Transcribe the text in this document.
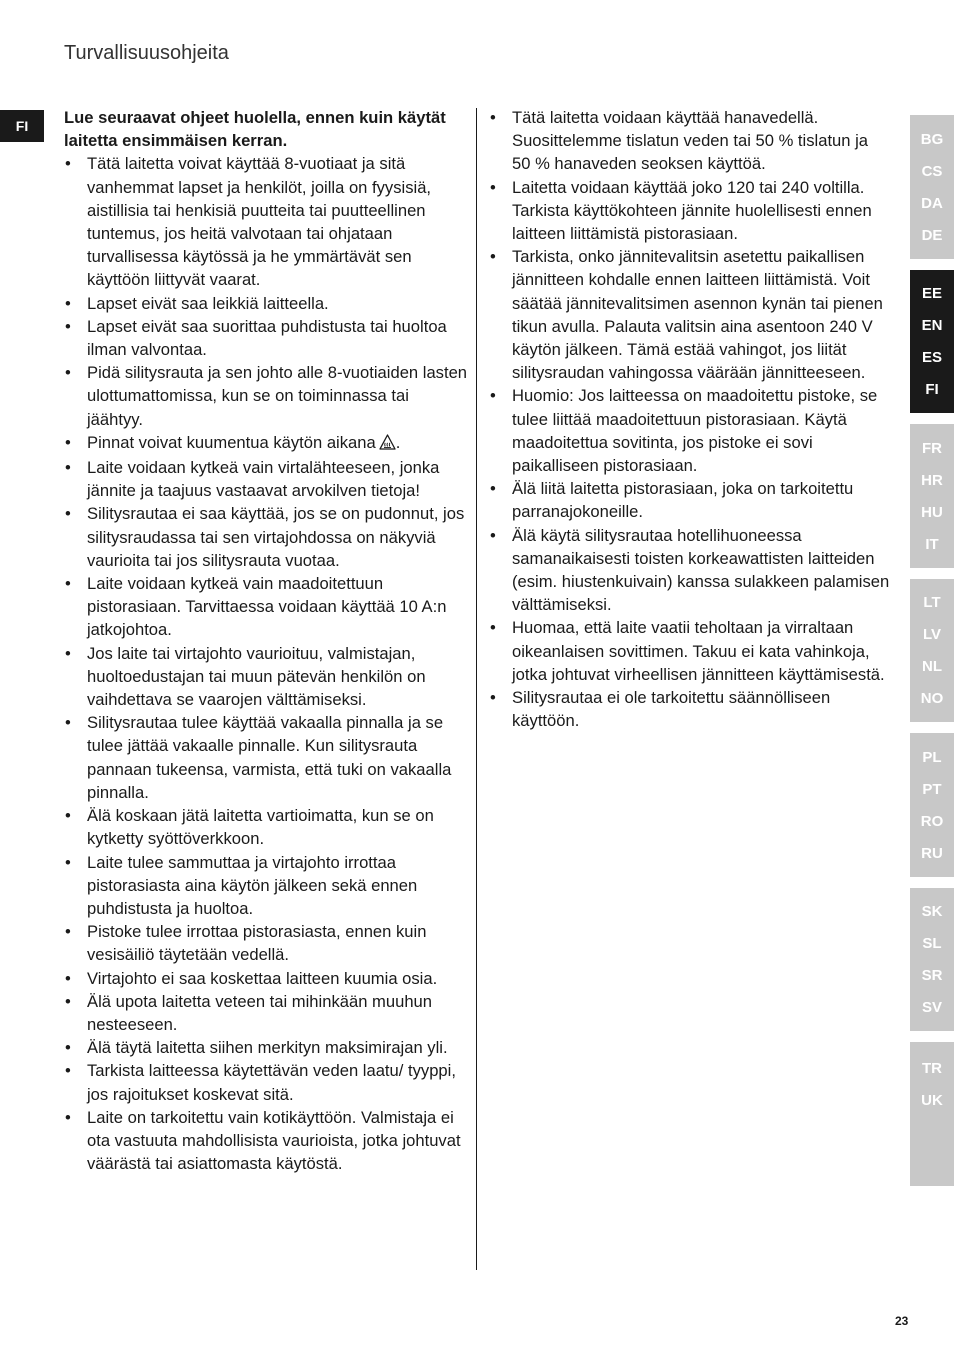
Turvallisuusohjeita
FI	Lue seuraavat ohjeet huolella, ennen kuin käytät laitetta ensimmäisen kerran.

• Tätä laitetta voivat käyttää 8-vuotiaat ja sitä vanhemmat lapset ja henkilöt, joilla on fyysisiä, aistillisia tai henkisiä puutteita tai puutteellinen tuntemus, jos heitä valvotaan tai ohjataan turvallisessa käytössä ja he ymmärtävät sen käyttöön liittyvät vaarat.
• Lapset eivät saa leikkiä laitteella.
• Lapset eivät saa suorittaa puhdistusta tai huoltoa ilman valvontaa.
• Pidä silitysrauta ja sen johto alle 8-vuotiaiden lasten ulottumattomissa, kun se on toiminnassa tai jäähtyy.
• Pinnat voivat kuumentua käytön aikana .
• Laite voidaan kytkeä vain virtalähteeseen, jonka jännite ja taajuus vastaavat arvokilven tietoja!
• Silitysrautaa ei saa käyttää, jos se on pudonnut, jos silitysraudassa tai sen virtajohdossa on näkyviä vaurioita tai jos silitysrauta vuotaa.
• Laite voidaan kytkeä vain maadoitettuun pistorasiaan. Tarvittaessa voidaan käyttää 10 A:n jatkojohtoa.
• Jos laite tai virtajohto vaurioituu, valmistajan, huoltoedustajan tai muun pätevän henkilön on vaihdettava se vaarojen välttämiseksi.
• Silitysrautaa tulee käyttää vakaalla pinnalla ja se tulee jättää vakaalle pinnalle. Kun silitysrauta pannaan tukeensa, varmista, että tuki on vakaalla pinnalla.
• Älä koskaan jätä laitetta vartioimatta, kun se on kytketty syöttöverkkoon.
• Laite tulee sammuttaa ja virtajohto irrottaa pistorasiasta aina käytön jälkeen sekä ennen puhdistusta ja huoltoa.
• Pistoke tulee irrottaa pistorasiasta, ennen kuin vesisäiliö täytetään vedellä.
• Virtajohto ei saa koskettaa laitteen kuumia osia.
• Älä upota laitetta veteen tai mihinkään muuhun nesteeseen.
• Älä täytä laitetta siihen merkityn maksimirajan yli.
• Tarkista laitteessa käytettävän veden laatu/ tyyppi, jos rajoitukset koskevat sitä.
• Laite on tarkoitettu vain kotikäyttöön. Valmistaja ei ota vastuuta mahdollisista vaurioista, jotka johtuvat väärästä tai asiattomasta käytöstä.
• Tätä laitetta voidaan käyttää hanavedellä. Suosittelemme tislatun veden tai 50 % tislatun ja 50 % hanaveden seoksen käyttöä.
• Laitetta voidaan käyttää joko 120 tai 240 voltilla. Tarkista käyttökohteen jännite huolellisesti ennen laitteen liittämistä pistorasiaan.
• Tarkista, onko jännitevalitsin asetettu paikallisen jännitteen kohdalle ennen laitteen liittämistä. Voit säätää jännitevalitsimen asennon kynän tai pienen tikun avulla. Palauta valitsin aina asentoon 240 V käytön jälkeen. Tämä estää vahingot, jos liität silitysraudan vahingossa väärään jännitteeseen.
• Huomio: Jos laitteessa on maadoitettu pistoke, se tulee liittää maadoitettuun pistorasiaan. Käytä maadoitettua sovitinta, jos pistoke ei sovi paikalliseen pistorasiaan.
• Älä liitä laitetta pistorasiaan, joka on tarkoitettu parranajokoneille.
• Älä käytä silitysrautaa hotellihuoneessa samanaikaisesti toisten korkeawattisten laitteiden (esim. hiustenkuivain) kanssa sulakkeen palamisen välttämiseksi.
• Huomaa, että laite vaatii teholtaan ja virraltaan oikeanlaisen sovittimen. Takuu ei kata vahinkoja, jotka johtuvat virheellisen jännitteen käyttämisestä.
• Silitysrautaa ei ole tarkoitettu säännölliseen käyttöön.
BG
CS
DA
DE
EE
EN
ES
FI
FR
HR
HU
IT
LT
LV
NL
NO
PL
PT
RO
RU
SK
SL
SR
SV
TR
UK
23
